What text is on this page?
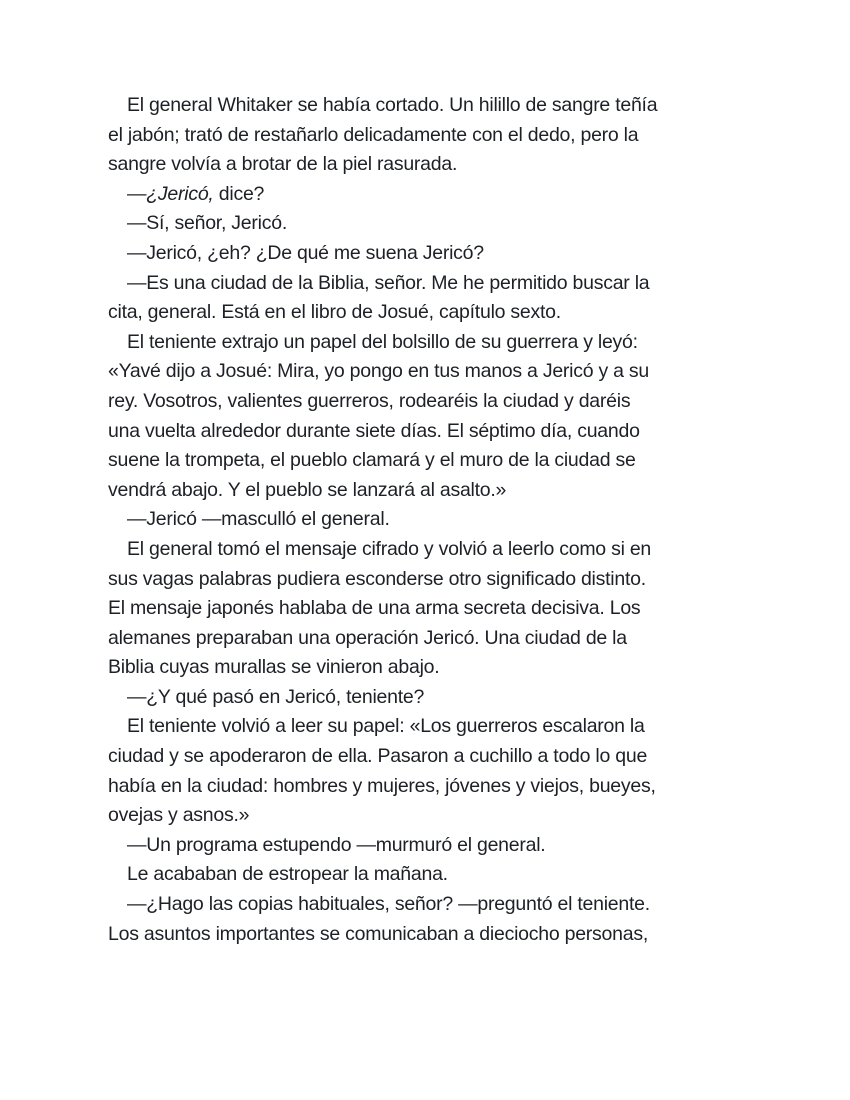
El general Whitaker se había cortado. Un hilillo de sangre teñía
el jabón; trató de restañarlo delicadamente con el dedo, pero la
sangre volvía a brotar de la piel rasurada.
—¿Jericó, dice?
—Sí, señor, Jericó.
—Jericó, ¿eh? ¿De qué me suena Jericó?
—Es una ciudad de la Biblia, señor. Me he permitido buscar la
cita, general. Está en el libro de Josué, capítulo sexto.
El teniente extrajo un papel del bolsillo de su guerrera y leyó:
«Yavé dijo a Josué: Mira, yo pongo en tus manos a Jericó y a su
rey. Vosotros, valientes guerreros, rodearéis la ciudad y daréis
una vuelta alrededor durante siete días. El séptimo día, cuando
suene la trompeta, el pueblo clamará y el muro de la ciudad se
vendrá abajo. Y el pueblo se lanzará al asalto.»
—Jericó —masculló el general.
El general tomó el mensaje cifrado y volvió a leerlo como si en
sus vagas palabras pudiera esconderse otro significado distinto.
El mensaje japonés hablaba de una arma secreta decisiva. Los
alemanes preparaban una operación Jericó. Una ciudad de la
Biblia cuyas murallas se vinieron abajo.
—¿Y qué pasó en Jericó, teniente?
El teniente volvió a leer su papel: «Los guerreros escalaron la
ciudad y se apoderaron de ella. Pasaron a cuchillo a todo lo que
había en la ciudad: hombres y mujeres, jóvenes y viejos, bueyes,
ovejas y asnos.»
—Un programa estupendo —murmuró el general.
Le acababan de estropear la mañana.
—¿Hago las copias habituales, señor? —preguntó el teniente.
Los asuntos importantes se comunicaban a dieciocho personas,
